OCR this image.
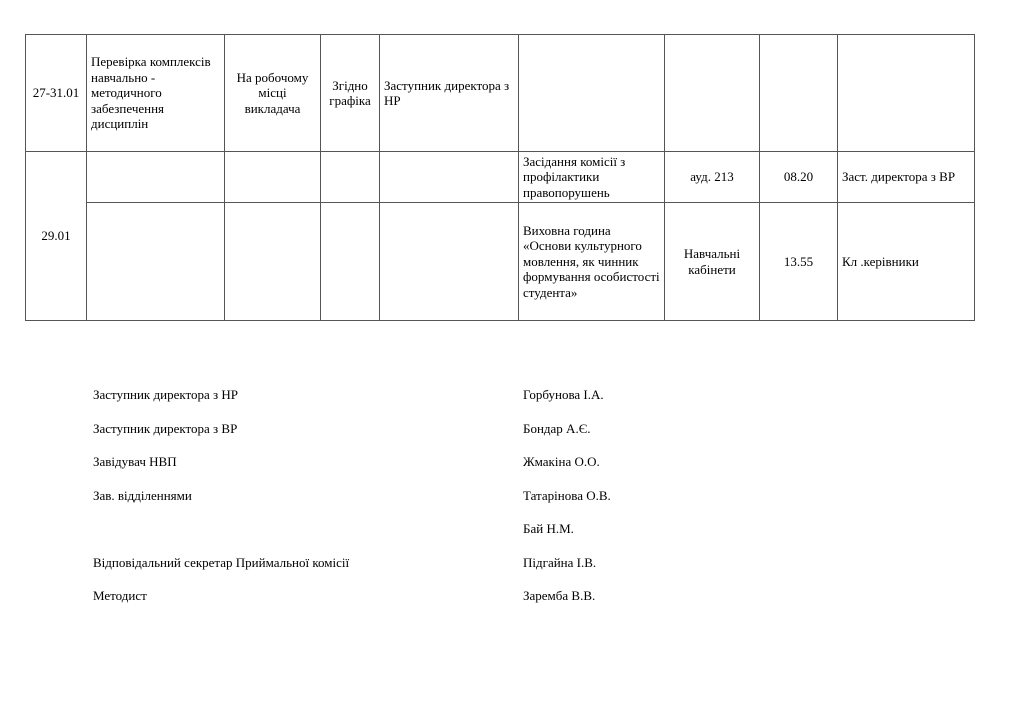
27-31.01	Перевірка комплексів навчально - методичного забезпечення дисциплін	На робочому місці викладача	Згідно графіка	Заступник директора з НР				
29.01					Засідання комісії з профілактики правопорушень	ауд. 213	08.20	Заст. директора з ВР
					Виховна година «Основи культурного мовлення, як чинник формування особистості студента»	Навчальні кабінети	13.55	Кл .керівники
Заступник директора з НР	Горбунова І.А.
Заступник директора з ВР	Бондар А.Є.
Завідувач НВП	Жмакіна О.О.
Зав. відділеннями	Татарінова О.В.
Бай Н.М.
Відповідальний секретар Приймальної комісії	Підгайна І.В.
Методист	Заремба В.В.
